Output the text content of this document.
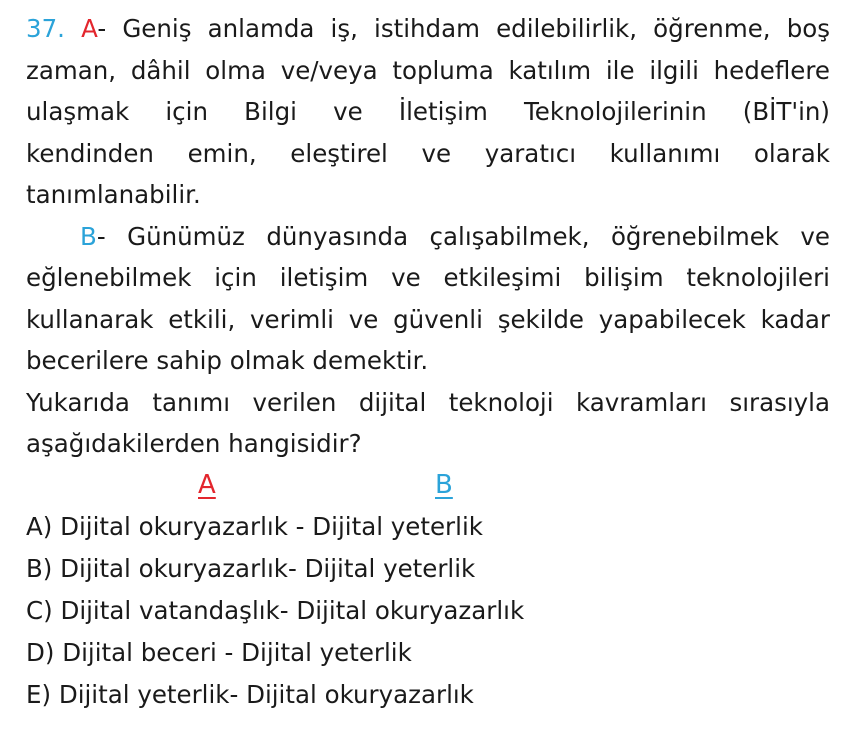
37. A- Geniş anlamda iş, istihdam edilebilirlik, öğrenme, boş
zaman, dâhil olma ve/veya topluma katılım ile ilgili hedeflere
ulaşmak için Bilgi ve İletişim Teknolojilerinin (BİT'in)
kendinden emin, eleştirel ve yaratıcı kullanımı olarak
tanımlanabilir.
B- Günümüz dünyasında çalışabilmek, öğrenebilmek ve
eğlenebilmek için iletişim ve etkileşimi bilişim teknolojileri
kullanarak etkili, verimli ve güvenli şekilde yapabilecek kadar
becerilere sahip olmak demektir.
Yukarıda tanımı verilen dijital teknoloji kavramları sırasıyla
aşağıdakilerden hangisidir?
A	B
A) Dijital okuryazarlık - Dijital yeterlik
B) Dijital okuryazarlık- Dijital yeterlik
C) Dijital vatandaşlık- Dijital okuryazarlık
D) Dijital beceri - Dijital yeterlik
E) Dijital yeterlik- Dijital okuryazarlık
